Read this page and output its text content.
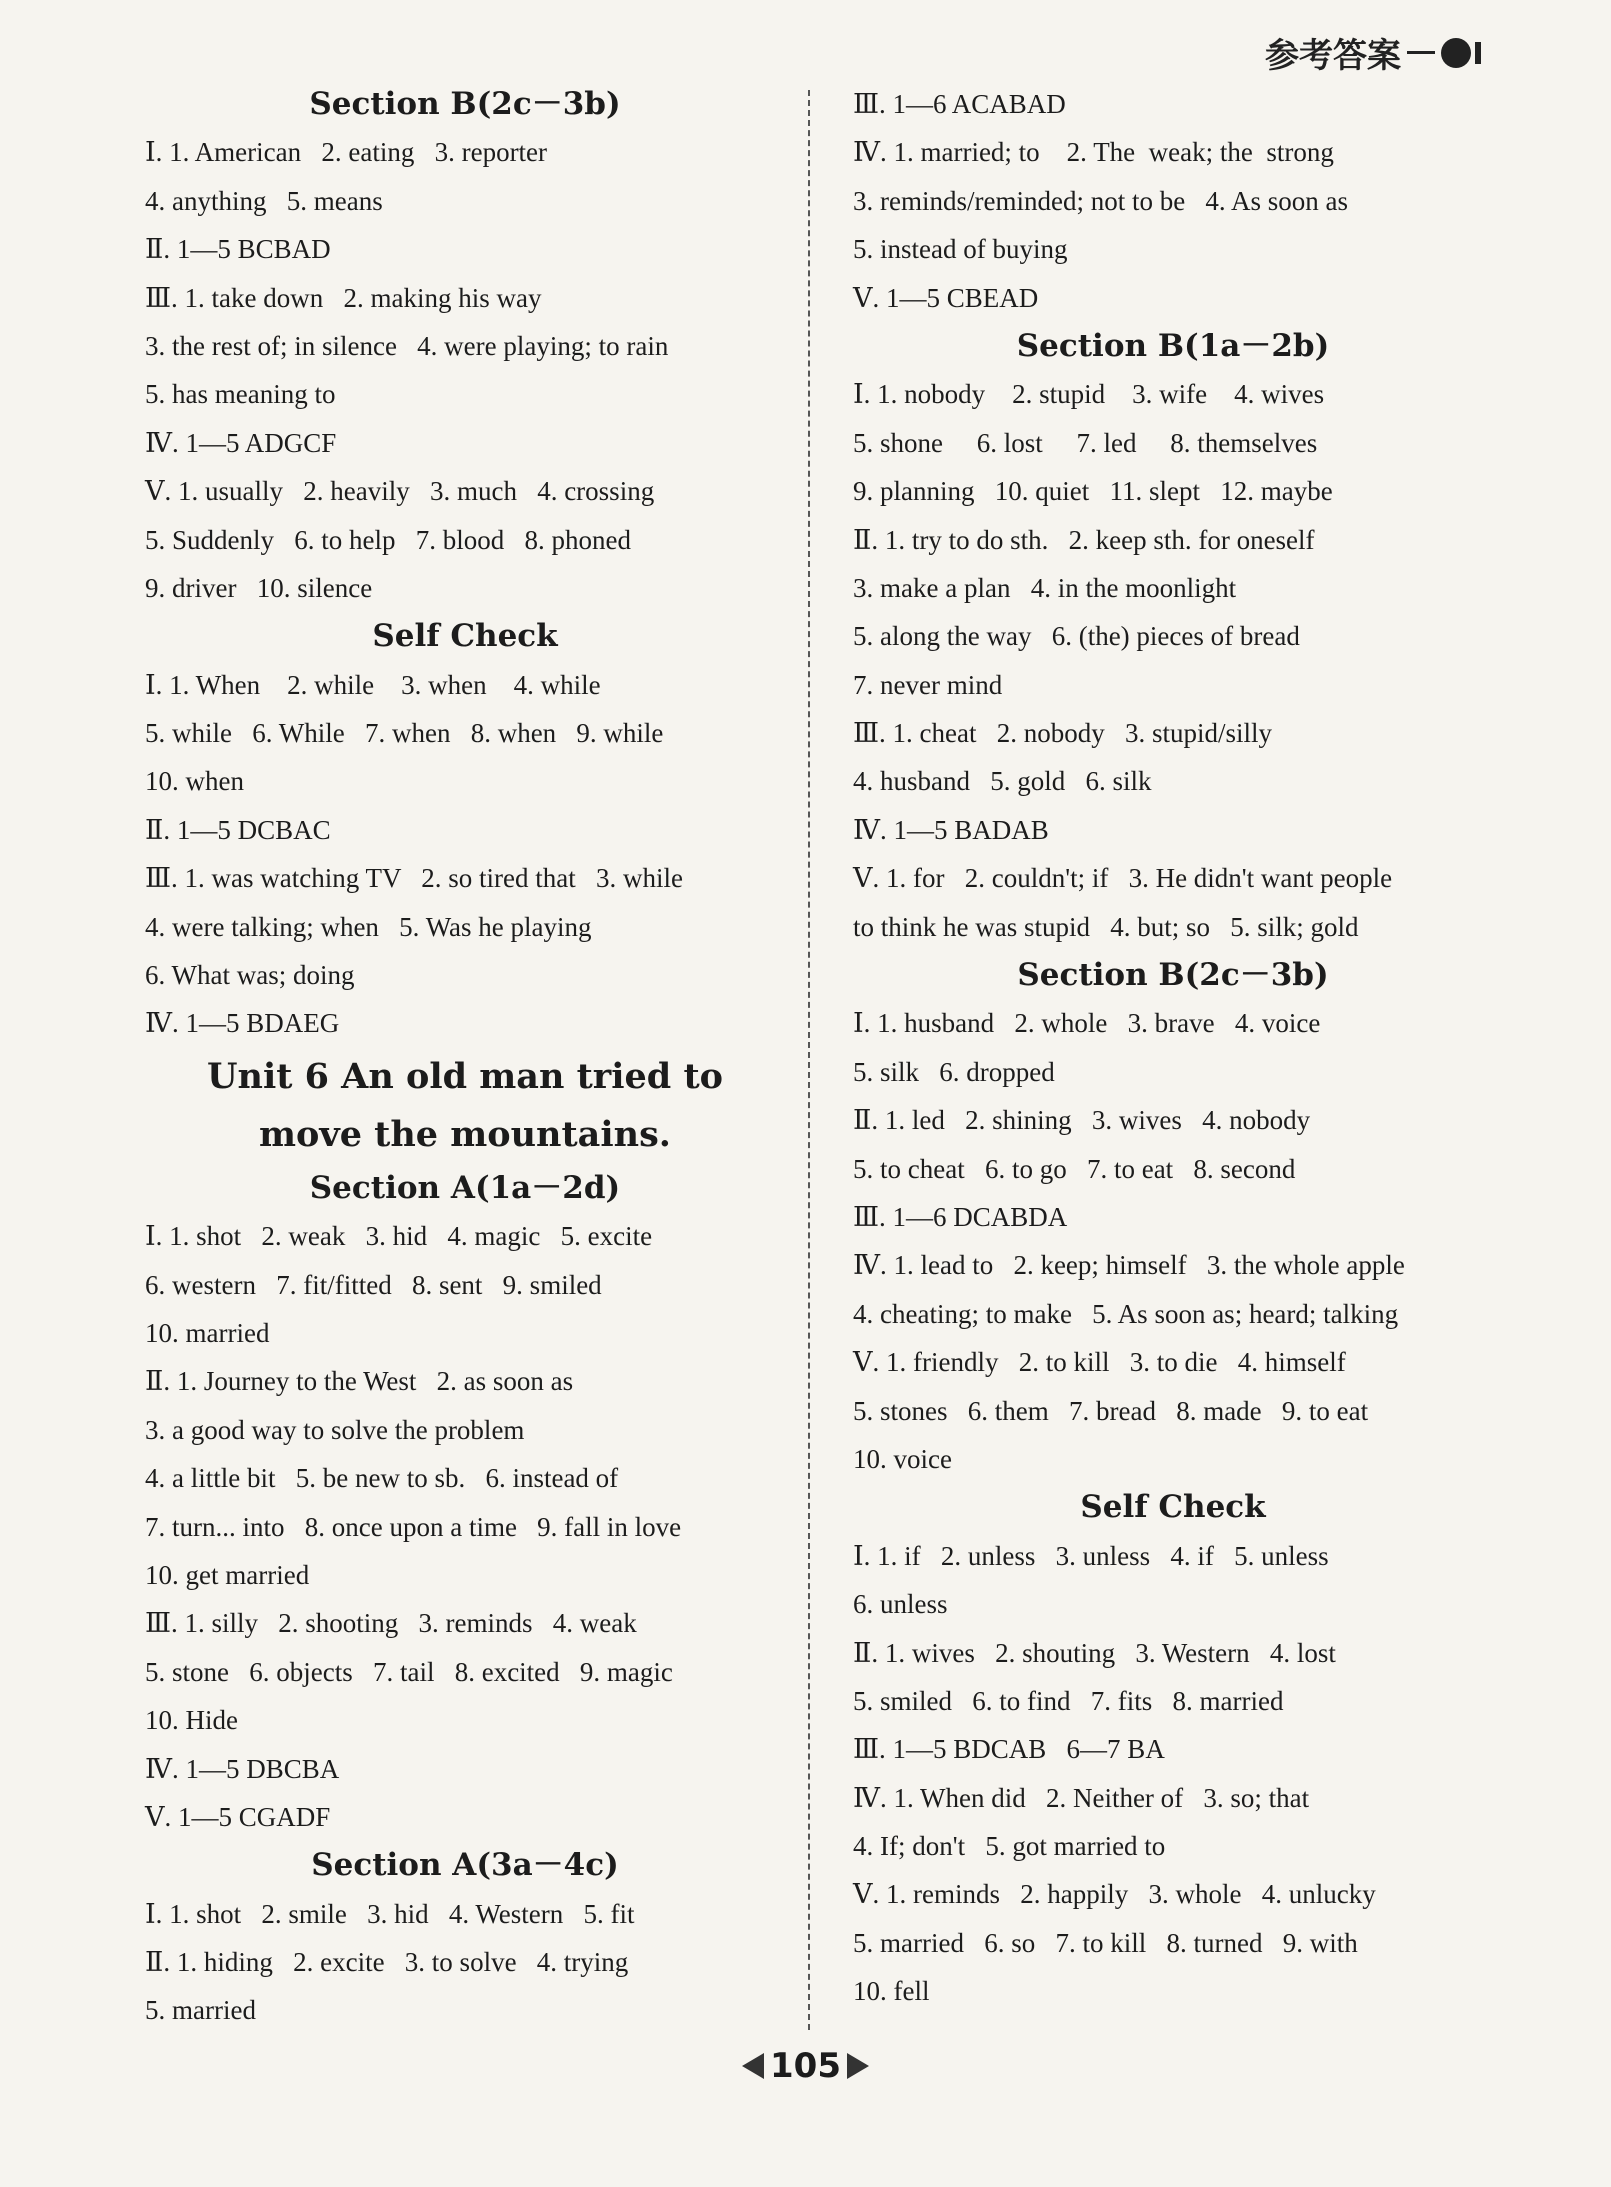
参考答案
Section B(2c－3b)
Ⅰ. 1. American   2. eating   3. reporter
4. anything   5. means
Ⅱ. 1—5 BCBAD
Ⅲ. 1. take down   2. making his way
3. the rest of; in silence   4. were playing; to rain
5. has meaning to
Ⅳ. 1—5 ADGCF
Ⅴ. 1. usually   2. heavily   3. much   4. crossing
5. Suddenly   6. to help   7. blood   8. phoned
9. driver   10. silence
Self Check
Ⅰ. 1. When    2. while    3. when    4. while
5. while   6. While   7. when   8. when   9. while
10. when
Ⅱ. 1—5 DCBAC
Ⅲ. 1. was watching TV   2. so tired that   3. while
4. were talking; when   5. Was he playing
6. What was; doing
Ⅳ. 1—5 BDAEG
Unit 6 An old man tried to
move the mountains.
Section A(1a－2d)
Ⅰ. 1. shot   2. weak   3. hid   4. magic   5. excite
6. western   7. fit/fitted   8. sent   9. smiled
10. married
Ⅱ. 1. Journey to the West   2. as soon as
3. a good way to solve the problem
4. a little bit   5. be new to sb.   6. instead of
7. turn... into   8. once upon a time   9. fall in love
10. get married
Ⅲ. 1. silly   2. shooting   3. reminds   4. weak
5. stone   6. objects   7. tail   8. excited   9. magic
10. Hide
Ⅳ. 1—5 DBCBA
Ⅴ. 1—5 CGADF
Section A(3a－4c)
Ⅰ. 1. shot   2. smile   3. hid   4. Western   5. fit
Ⅱ. 1. hiding   2. excite   3. to solve   4. trying
5. married
Ⅲ. 1—6 ACABAD
Ⅳ. 1. married; to    2. The  weak; the  strong
3. reminds/reminded; not to be   4. As soon as
5. instead of buying
Ⅴ. 1—5 CBEAD
Section B(1a－2b)
Ⅰ. 1. nobody    2. stupid    3. wife    4. wives
5. shone     6. lost     7. led     8. themselves
9. planning   10. quiet   11. slept   12. maybe
Ⅱ. 1. try to do sth.   2. keep sth. for oneself
3. make a plan   4. in the moonlight
5. along the way   6. (the) pieces of bread
7. never mind
Ⅲ. 1. cheat   2. nobody   3. stupid/silly
4. husband   5. gold   6. silk
Ⅳ. 1—5 BADAB
Ⅴ. 1. for   2. couldn't; if   3. He didn't want people
to think he was stupid   4. but; so   5. silk; gold
Section B(2c－3b)
Ⅰ. 1. husband   2. whole   3. brave   4. voice
5. silk   6. dropped
Ⅱ. 1. led   2. shining   3. wives   4. nobody
5. to cheat   6. to go   7. to eat   8. second
Ⅲ. 1—6 DCABDA
Ⅳ. 1. lead to   2. keep; himself   3. the whole apple
4. cheating; to make   5. As soon as; heard; talking
Ⅴ. 1. friendly   2. to kill   3. to die   4. himself
5. stones   6. them   7. bread   8. made   9. to eat
10. voice
Self Check
Ⅰ. 1. if   2. unless   3. unless   4. if   5. unless
6. unless
Ⅱ. 1. wives   2. shouting   3. Western   4. lost
5. smiled   6. to find   7. fits   8. married
Ⅲ. 1—5 BDCAB   6—7 BA
Ⅳ. 1. When did   2. Neither of   3. so; that
4. If; don't   5. got married to
Ⅴ. 1. reminds   2. happily   3. whole   4. unlucky
5. married   6. so   7. to kill   8. turned   9. with
10. fell
105
